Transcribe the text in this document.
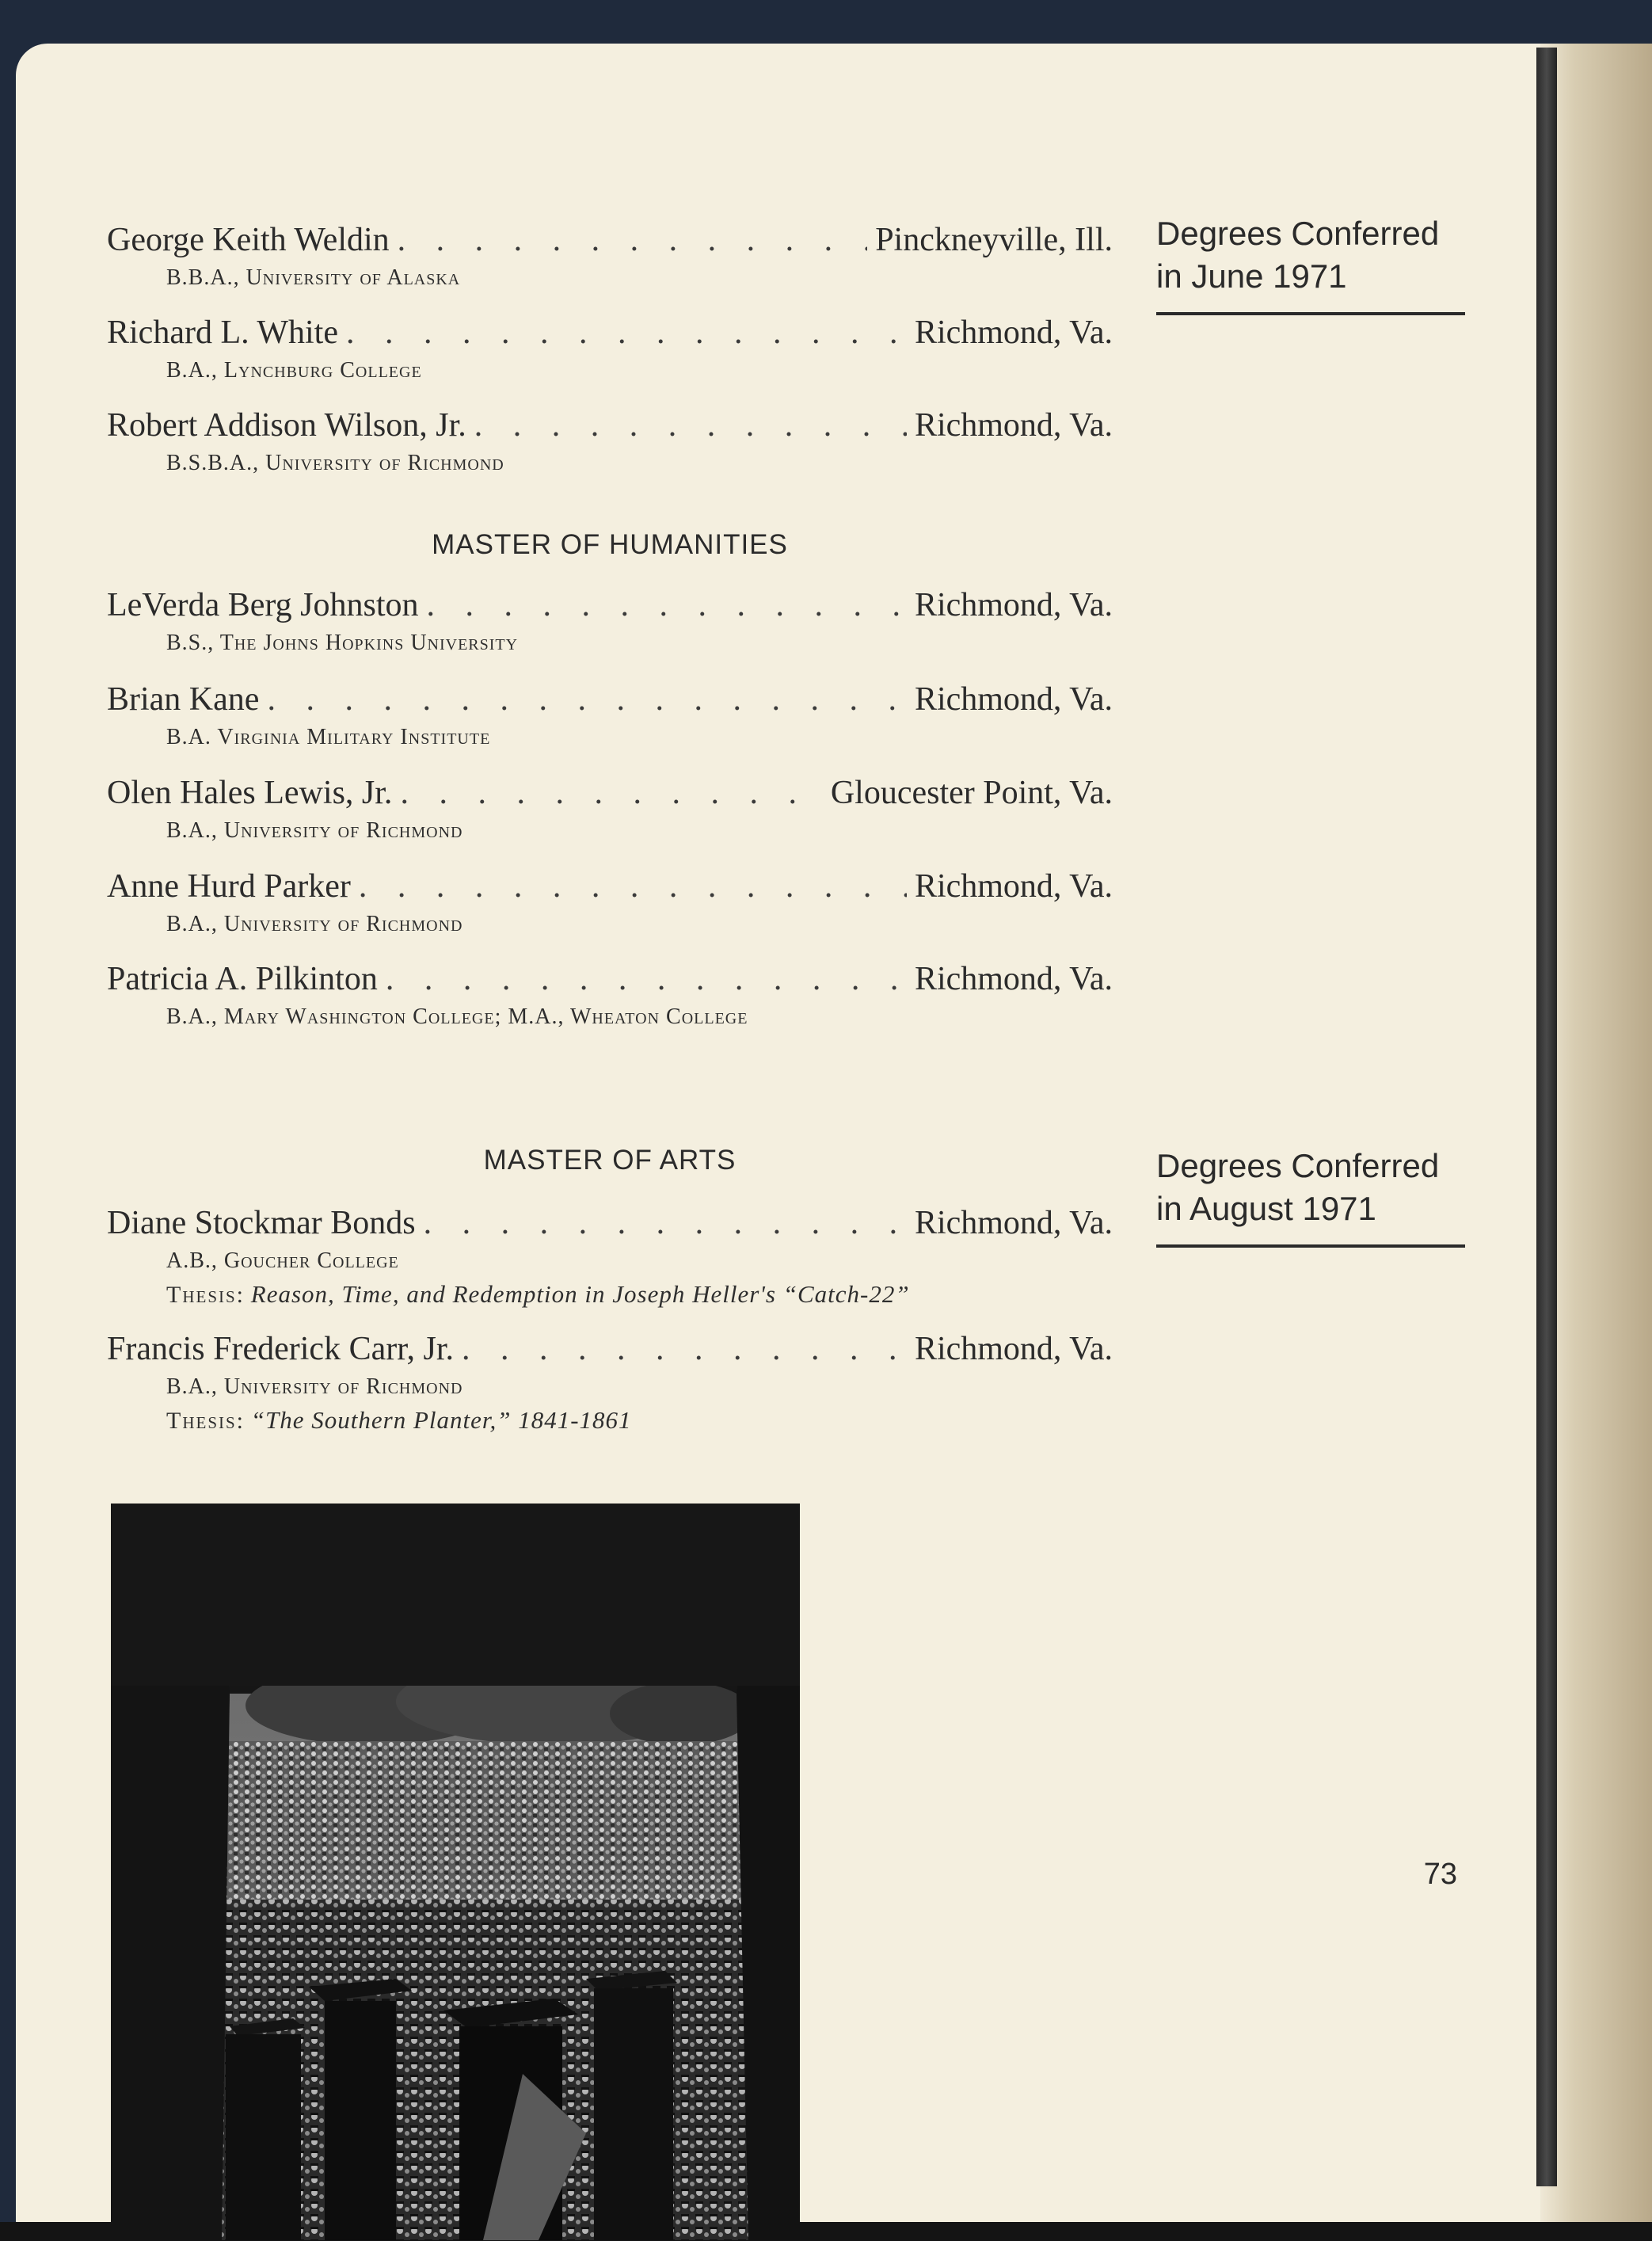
George Keith Weldin . . .	Pinckneyville, Ill.
B.B.A., University of Alaska
Richard L. White . . .	Richmond, Va.
B.A., Lynchburg College
Robert Addison Wilson, Jr. . . .	Richmond, Va.
B.S.B.A., University of Richmond
Degrees Conferred
in June 1971
MASTER OF HUMANITIES
LeVerda Berg Johnston . . .	Richmond, Va.
B.S., The Johns Hopkins University
Brian Kane . . .	Richmond, Va.
B.A. Virginia Military Institute
Olen Hales Lewis, Jr. . . .	Gloucester Point, Va.
B.A., University of Richmond
Anne Hurd Parker . . .	Richmond, Va.
B.A., University of Richmond
Patricia A. Pilkinton . . .	Richmond, Va.
B.A., Mary Washington College; M.A., Wheaton College
MASTER OF ARTS
Diane Stockmar Bonds . . .	Richmond, Va.
A.B., Goucher College
Thesis: Reason, Time, and Redemption in Joseph Heller's “Catch-22”
Francis Frederick Carr, Jr. . . .	Richmond, Va.
B.A., University of Richmond
Thesis: “The Southern Planter,” 1841-1861
Degrees Conferred
in August 1971
73
